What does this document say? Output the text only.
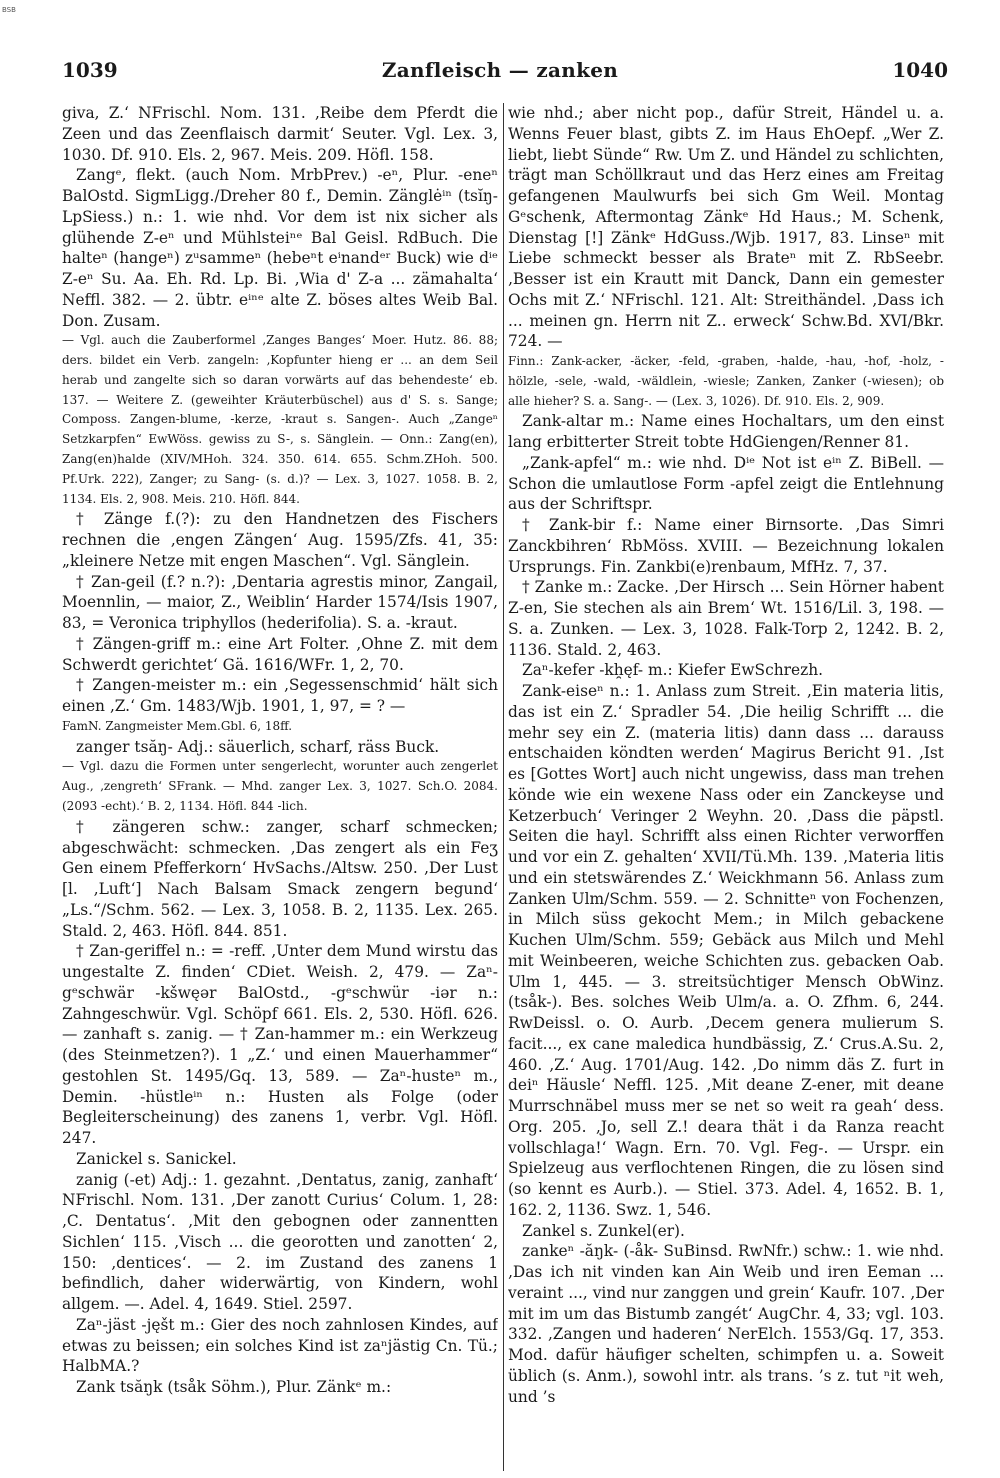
BSB
1039	Zanfleisch — zanken	1040

giva, Z.‘ NFrischl. Nom. 131. ‚Reibe dem Pferdt die Zeen und das Zeenflaisch darmit‘ Seuter. Vgl. Lex. 3, 1030. Df. 910. Els. 2, 967. Meis. 209. Höfl. 158.

Zangᵉ, flekt. (auch Nom. MrbPrev.) -eⁿ, Plur. -eneⁿ BalOstd. SigmLigg./Dreher 80 f., Demin. Zänglėⁱⁿ (tsĭŋ- LpSiess.) n.: 1. wie nhd. Vor dem ist nix sicher als glühende Z-eⁿ und Mühlsteiⁿᵉ Bal Geisl. RdBuch. Die halteⁿ (hangeⁿ) zᵘsammeⁿ (hebeⁿt eⁱnandᵉʳ Buck) wie dⁱᵉ Z-eⁿ Su. Aa. Eh. Rd. Lp. Bi. ‚Wia d' Z-a ... zämahalta‘ Neffl. 382. — 2. übtr. eⁱⁿᵉ alte Z. böses altes Weib Bal. Don. Zusam.

— Vgl. auch die Zauberformel ‚Zanges Banges‘ Moer. Hutz. 86. 88; ders. bildet ein Verb. zangeln: ‚Kopfunter hieng er ... an dem Seil herab und zangelte sich so daran vorwärts auf das behendeste‘ eb. 137. — Weitere Z. (geweihter Kräuterbüschel) aus d' S. s. Sange; Composs. Zangen-blume, -kerze, -kraut s. Sangen-. Auch „Zangeⁿ Setzkarpfen“ EwWöss. gewiss zu S-, s. Sänglein. — Onn.: Zang(en), Zang(en)halde (XIV/MHoh. 324. 350. 614. 655. Schm.ZHoh. 500. Pf.Urk. 222), Zanger; zu Sang- (s. d.)? — Lex. 3, 1027. 1058. B. 2, 1134. Els. 2, 908. Meis. 210. Höfl. 844.

† Zänge f.(?): zu den Handnetzen des Fischers rechnen die ‚engen Zängen‘ Aug. 1595/Zfs. 41, 35: „kleinere Netze mit engen Maschen“. Vgl. Sänglein.

† Zan-geil (f.? n.?): ‚Dentaria agrestis minor, Zangail, Moennlin, — maior, Z., Weiblin‘ Harder 1574/Isis 1907, 83, = Veronica triphyllos (hederifolia). S. a. -kraut.

† Zängen-griff m.: eine Art Folter. ‚Ohne Z. mit dem Schwerdt gerichtet‘ Gä. 1616/WFr. 1, 2, 70.

† Zangen-meister m.: ein ‚Segessenschmid‘ hält sich einen ‚Z.‘ Gm. 1483/Wjb. 1901, 1, 97, = ? —

FamN. Zangmeister Mem.Gbl. 6, 18ff.

zanger tsăŋ- Adj.: säuerlich, scharf, räss Buck.

— Vgl. dazu die Formen unter sengerlecht, worunter auch zengerlet Aug., ‚zengreth‘ SFrank. — Mhd. zanger Lex. 3, 1027. Sch.O. 2084. (2093 -echt).‘ B. 2, 1134. Höfl. 844 -lich.

† zängeren schw.: zanger, scharf schmecken; abgeschwächt: schmecken. ‚Das zengert als ein Feʒ Gen einem Pfefferkorn‘ HvSachs./Altsw. 250. ‚Der Lust [l. ‚Luft‘] Nach Balsam Smack zengern begund‘ „Ls.“/Schm. 562. — Lex. 3, 1058. B. 2, 1135. Lex. 265. Stald. 2, 463. Höfl. 844. 851.

† Zan-geriffel n.: = -reff. ‚Unter dem Mund wirstu das ungestalte Z. finden‘ CDiet. Weish. 2, 479. — Zaⁿ-gᵉschwär -kšwęər BalOstd., -gᵉschwür -iər n.: Zahngeschwür. Vgl. Schöpf 661. Els. 2, 530. Höfl. 626. — zanhaft s. zanig. — † Zan-hammer m.: ein Werkzeug (des Steinmetzen?). 1 „Z.‘ und einen Mauerhammer“ gestohlen St. 1495/Gq. 13, 589. — Zaⁿ-husteⁿ m., Demin. -hüstleⁱⁿ n.: Husten als Folge (oder Begleiterscheinung) des zanens 1, verbr. Vgl. Höfl. 247.

Zanickel s. Sanickel.

zanig (-et) Adj.: 1. gezahnt. ‚Dentatus, zanig, zanhaft‘ NFrischl. Nom. 131. ‚Der zanott Curius‘ Colum. 1, 28: ‚C. Dentatus‘. ‚Mit den gebognen oder zannentten Sichlen‘ 115. ‚Visch ... die georotten und zanotten‘ 2, 150: ‚dentices‘. — 2. im Zustand des zanens 1 befindlich, daher widerwärtig, von Kindern, wohl allgem. —. Adel. 4, 1649. Stiel. 2597.

Zaⁿ-jäst -jęšt m.: Gier des noch zahnlosen Kindes, auf etwas zu beissen; ein solches Kind ist zaⁿjästig Cn. Tü.; HalbMA.?

Zank tsăŋk (tsåk Söhm.), Plur. Zänkᵉ m.:

wie nhd.; aber nicht pop., dafür Streit, Händel u. a. Wenns Feuer blast, gibts Z. im Haus EhOepf. „Wer Z. liebt, liebt Sünde“ Rw. Um Z. und Händel zu schlichten, trägt man Schöllkraut und das Herz eines am Freitag gefangenen Maulwurfs bei sich Gm Weil. Montag Gᵉschenk, Aftermontag Zänkᵉ Hd Haus.; M. Schenk, Dienstag [!] Zänkᵉ HdGuss./Wjb. 1917, 83. Linseⁿ mit Liebe schmeckt besser als Brateⁿ mit Z. RbSeebr. ‚Besser ist ein Krautt mit Danck, Dann ein gemester Ochs mit Z.‘ NFrischl. 121. Alt: Streithändel. ‚Dass ich ... meinen gn. Herrn nit Z.. erweck‘ Schw.Bd. XVI/Bkr. 724. —

Finn.: Zank-acker, -äcker, -feld, -graben, -halde, -hau, -hof, -holz, -hölzle, -sele, -wald, -wäldlein, -wiesle; Zanken, Zanker (-wiesen); ob alle hieher? S. a. Sang-. — (Lex. 3, 1026). Df. 910. Els. 2, 909.

Zank-altar m.: Name eines Hochaltars, um den einst lang erbitterter Streit tobte HdGiengen/Renner 81.

„Zank-apfel“ m.: wie nhd. Dⁱᵉ Not ist eⁱⁿ Z. BiBell. — Schon die umlautlose Form -apfel zeigt die Entlehnung aus der Schriftspr.

† Zank-bir f.: Name einer Birnsorte. ‚Das Simri Zanckbihren‘ RbMöss. XVIII. — Bezeichnung lokalen Ursprungs. Fin. Zankbi(e)renbaum, MfHz. 7, 37.

† Zanke m.: Zacke. ‚Der Hirsch ... Sein Hörner habent Z-en, Sie stechen als ain Brem‘ Wt. 1516/Lil. 3, 198. — S. a. Zunken. — Lex. 3, 1028. Falk-Torp 2, 1242. B. 2, 1136. Stald. 2, 463.

Zaⁿ-kefer -kh̯ęf- m.: Kiefer EwSchrezh.

Zank-eiseⁿ n.: 1. Anlass zum Streit. ‚Ein materia litis, das ist ein Z.‘ Spradler 54. ‚Die heilig Schrifft ... die mehr sey ein Z. (materia litis) dann dass ... darauss entschaiden köndten werden‘ Magirus Bericht 91. ‚Ist es [Gottes Wort] auch nicht ungewiss, dass man trehen könde wie ein wexene Nass oder ein Zanckeyse und Ketzerbuch‘ Veringer 2 Weyhn. 20. ‚Dass die päpstl. Seiten die hayl. Schrifft alss einen Richter verworffen und vor ein Z. gehalten‘ XVII/Tü.Mh. 139. ‚Materia litis und ein stetswärendes Z.‘ Weickhmann 56. Anlass zum Zanken Ulm/Schm. 559. — 2. Schnitteⁿ von Fochenzen, in Milch süss gekocht Mem.; in Milch gebackene Kuchen Ulm/Schm. 559; Gebäck aus Milch und Mehl mit Weinbeeren, weiche Schichten zus. gebacken Oab. Ulm 1, 445. — 3. streitsüchtiger Mensch ObWinz. (tsåk-). Bes. solches Weib Ulm/a. a. O. Zfhm. 6, 244. RwDeissl. o. O. Aurb. ‚Decem genera mulierum S. facit..., ex cane maledica hundbässig, Z.‘ Crus.A.Su. 2, 460. ‚Z.‘ Aug. 1701/Aug. 142. ‚Do nimm däs Z. furt in deiⁿ Häusle‘ Neffl. 125. ‚Mit deane Z-ener, mit deane Murrschnäbel muss mer se net so weit ra geah‘ dess. Org. 205. ‚Jo, sell Z.! deara thät i da Ranza reacht vollschlaga!‘ Wagn. Ern. 70. Vgl. Feg-. — Urspr. ein Spielzeug aus verflochtenen Ringen, die zu lösen sind (so kennt es Aurb.). — Stiel. 373. Adel. 4, 1652. B. 1, 162. 2, 1136. Swz. 1, 546.

Zankel s. Zunkel(er).

zankeⁿ -ăŋk- (-åk- SuBinsd. RwNfr.) schw.: 1. wie nhd. ‚Das ich nit vinden kan Ain Weib und iren Eeman ... veraint ..., vind nur zanggen und grein‘ Kaufr. 107. ‚Der mit im um das Bistumb zangét‘ AugChr. 4, 33; vgl. 103. 332. ‚Zangen und haderen‘ NerElch. 1553/Gq. 17, 353. Mod. dafür häufiger schelten, schimpfen u. a. Soweit üblich (s. Anm.), sowohl intr. als trans. ’s z. tut ⁿit weh, und ’s
